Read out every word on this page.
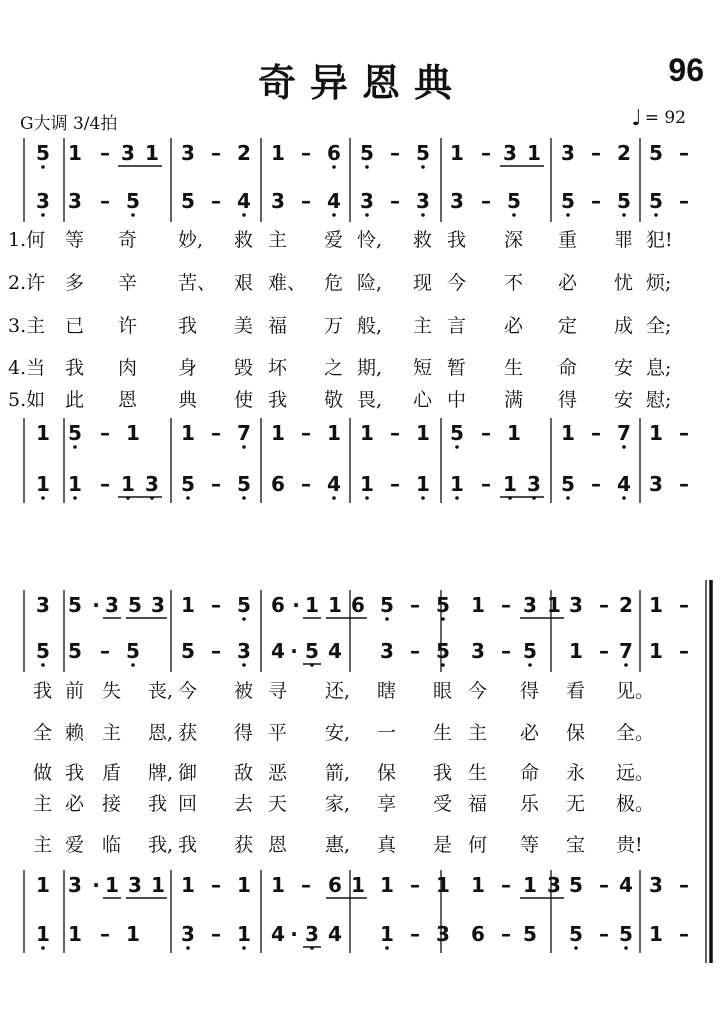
奇异恩典	96
G大调 3/4拍	♩ = 92
5 1 – 3 1 3 – 2 1 – 6 5 – 5 1 – 3 1 3 – 2 5 –
3 3 – 5 5 – 4 3 – 4 3 – 3 3 – 5 5 – 5 5 –
1 5 – 1 1 – 7 1 – 1 1 – 1 5 – 1 1 – 7 1 –
1 1 – 1 3 5 – 5 6 – 4 1 – 1 1 – 1 3 5 – 4 3 –
1.何 等 奇 妙, 救 主 爱 怜, 救 我 深 重 罪 犯!
2.许 多 辛 苦、 艰 难、 危 险, 现 今 不 必 忧 烦;
3.主 已 许 我 美 福 万 般, 主 言 必 定 成 全;
4.当 我 肉 身 毁 坏 之 期, 短 暂 生 命 安 息;
5.如 此 恩 典 使 我 敬 畏, 心 中 满 得 安 慰;
3 5 · 3 5 3 1 – 5 6 · 1 1 6 5 – 5 1 – 3 1 3 – 2 1 –
5 5 – 5 5 – 3 4 · 5 4 3 – 5 3 – 5 1 – 7 1 –
1 3 · 1 3 1 1 – 1 1 – 6 1 1 – 1 1 – 1 3 5 – 4 3 –
1 1 – 1 3 – 1 4 · 3 4 1 – 3 6 – 5 5 – 5 1 –
我 前 失 丧, 今 被 寻 还, 瞎 眼 今 得 看 见。
全 赖 主 恩, 获 得 平 安, 一 生 主 必 保 全。
做 我 盾 牌, 御 敌 恶 箭, 保 我 生 命 永 远。
主 必 接 我 回 去 天 家, 享 受 福 乐 无 极。
主 爱 临 我, 我 获 恩 惠, 真 是 何 等 宝 贵!
